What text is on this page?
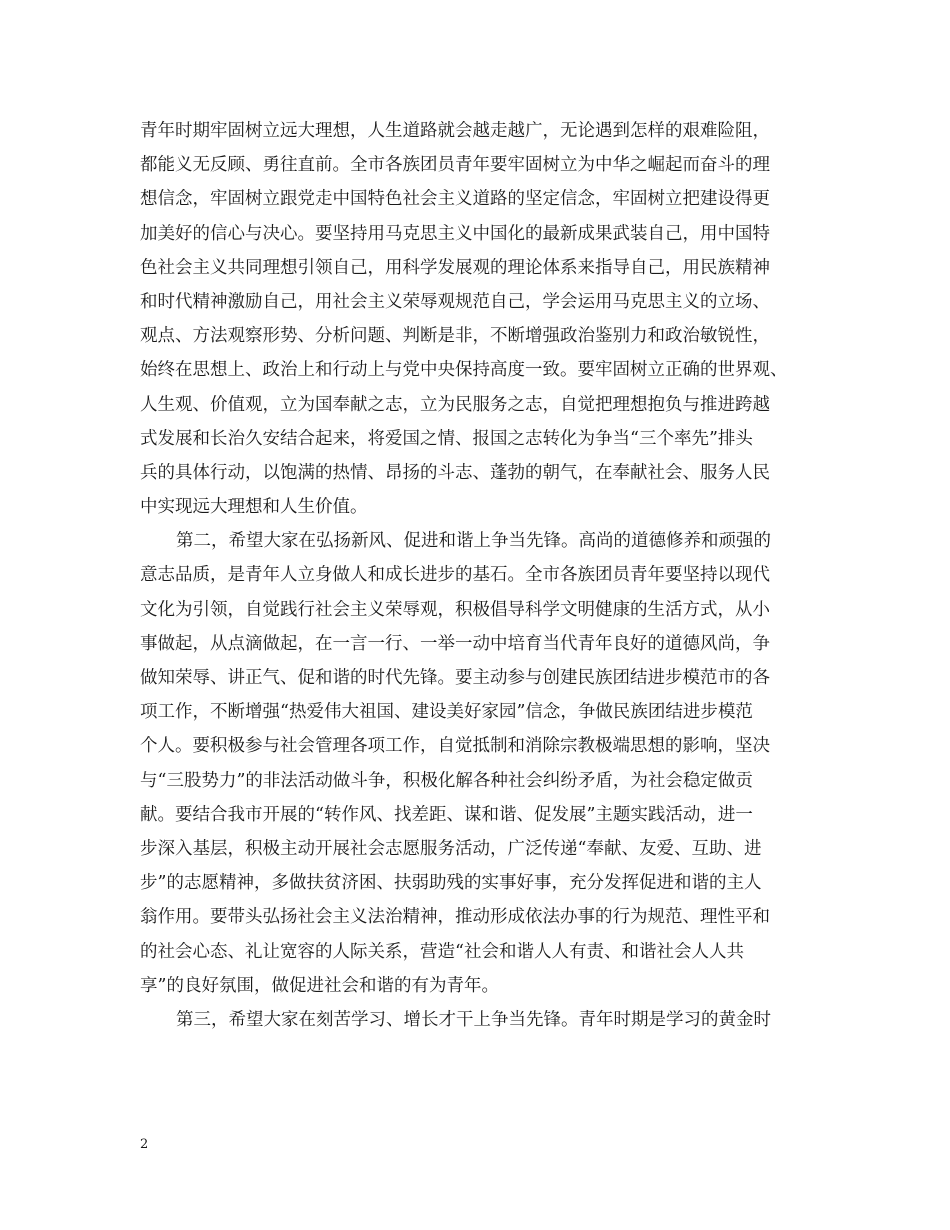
青年时期牢固树立远大理想，人生道路就会越走越广，无论遇到怎样的艰难险阻，
都能义无反顾、勇往直前。全市各族团员青年要牢固树立为中华之崛起而奋斗的理
想信念，牢固树立跟党走中国特色社会主义道路的坚定信念，牢固树立把建设得更
加美好的信心与决心。要坚持用马克思主义中国化的最新成果武装自己，用中国特
色社会主义共同理想引领自己，用科学发展观的理论体系来指导自己，用民族精神
和时代精神激励自己，用社会主义荣辱观规范自己，学会运用马克思主义的立场、
观点、方法观察形势、分析问题、判断是非，不断增强政治鉴别力和政治敏锐性，
始终在思想上、政治上和行动上与党中央保持高度一致。要牢固树立正确的世界观、
人生观、价值观，立为国奉献之志，立为民服务之志，自觉把理想抱负与推进跨越
式发展和长治久安结合起来，将爱国之情、报国之志转化为争当“三个率先”排头
兵的具体行动，以饱满的热情、昂扬的斗志、蓬勃的朝气，在奉献社会、服务人民
中实现远大理想和人生价值。
第二，希望大家在弘扬新风、促进和谐上争当先锋。高尚的道德修养和顽强的
意志品质，是青年人立身做人和成长进步的基石。全市各族团员青年要坚持以现代
文化为引领，自觉践行社会主义荣辱观，积极倡导科学文明健康的生活方式，从小
事做起，从点滴做起，在一言一行、一举一动中培育当代青年良好的道德风尚，争
做知荣辱、讲正气、促和谐的时代先锋。要主动参与创建民族团结进步模范市的各
项工作，不断增强“热爱伟大祖国、建设美好家园”信念，争做民族团结进步模范
个人。要积极参与社会管理各项工作，自觉抵制和消除宗教极端思想的影响，坚决
与“三股势力”的非法活动做斗争，积极化解各种社会纠纷矛盾，为社会稳定做贡
献。要结合我市开展的“转作风、找差距、谋和谐、促发展”主题实践活动，进一
步深入基层，积极主动开展社会志愿服务活动，广泛传递“奉献、友爱、互助、进
步”的志愿精神，多做扶贫济困、扶弱助残的实事好事，充分发挥促进和谐的主人
翁作用。要带头弘扬社会主义法治精神，推动形成依法办事的行为规范、理性平和
的社会心态、礼让宽容的人际关系，营造“社会和谐人人有责、和谐社会人人共
享”的良好氛围，做促进社会和谐的有为青年。
第三，希望大家在刻苦学习、增长才干上争当先锋。青年时期是学习的黄金时
2
